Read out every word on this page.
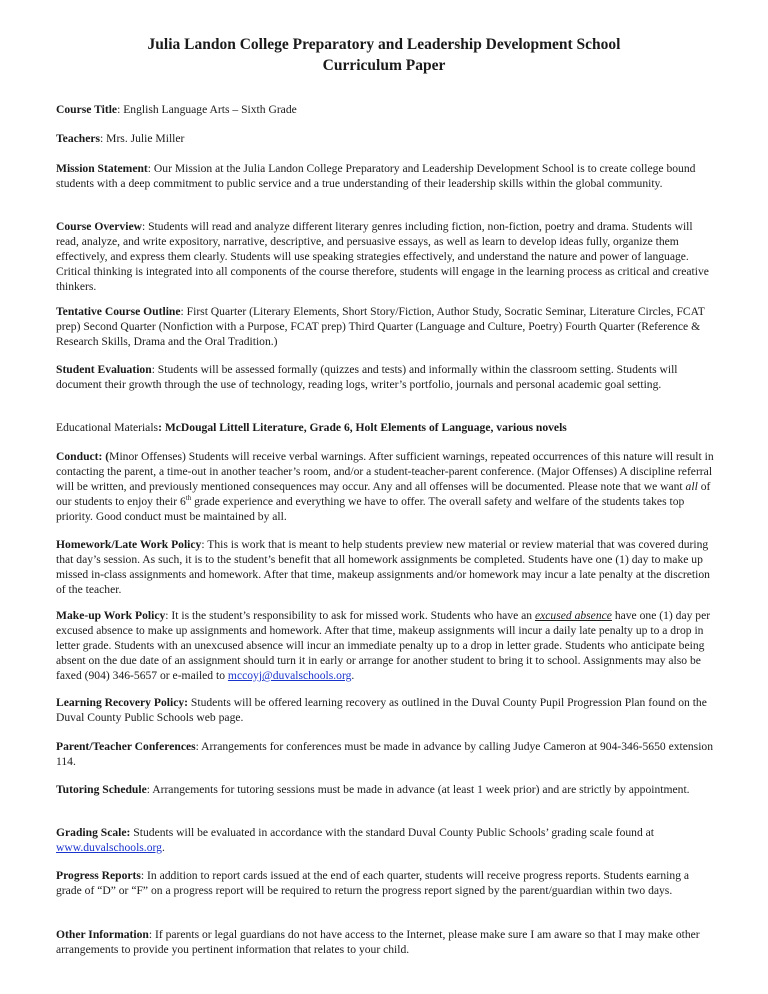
Julia Landon College Preparatory and Leadership Development School
Curriculum Paper
Course Title: English Language Arts – Sixth Grade
Teachers: Mrs. Julie Miller
Mission Statement: Our Mission at the Julia Landon College Preparatory and Leadership Development School is to create college bound students with a deep commitment to public service and a true understanding of their leadership skills within the global community.
Course Overview: Students will read and analyze different literary genres including fiction, non-fiction, poetry and drama. Students will read, analyze, and write expository, narrative, descriptive, and persuasive essays, as well as learn to develop ideas fully, organize them effectively, and express them clearly. Students will use speaking strategies effectively, and understand the nature and power of language. Critical thinking is integrated into all components of the course therefore, students will engage in the learning process as critical and creative thinkers.
Tentative Course Outline: First Quarter (Literary Elements, Short Story/Fiction, Author Study, Socratic Seminar, Literature Circles, FCAT prep) Second Quarter (Nonfiction with a Purpose, FCAT prep) Third Quarter (Language and Culture, Poetry) Fourth Quarter (Reference & Research Skills, Drama and the Oral Tradition.)
Student Evaluation: Students will be assessed formally (quizzes and tests) and informally within the classroom setting. Students will document their growth through the use of technology, reading logs, writer’s portfolio, journals and personal academic goal setting.
Educational Materials: McDougal Littell Literature, Grade 6, Holt Elements of Language, various novels
Conduct: (Minor Offenses) Students will receive verbal warnings. After sufficient warnings, repeated occurrences of this nature will result in contacting the parent, a time-out in another teacher’s room, and/or a student-teacher-parent conference. (Major Offenses) A discipline referral will be written, and previously mentioned consequences may occur. Any and all offenses will be documented. Please note that we want all of our students to enjoy their 6th grade experience and everything we have to offer. The overall safety and welfare of the students takes top priority. Good conduct must be maintained by all.
Homework/Late Work Policy: This is work that is meant to help students preview new material or review material that was covered during that day’s session. As such, it is to the student’s benefit that all homework assignments be completed. Students have one (1) day to make up missed in-class assignments and homework. After that time, makeup assignments and/or homework may incur a late penalty at the discretion of the teacher.
Make-up Work Policy: It is the student’s responsibility to ask for missed work. Students who have an excused absence have one (1) day per excused absence to make up assignments and homework. After that time, makeup assignments will incur a daily late penalty up to a drop in letter grade. Students with an unexcused absence will incur an immediate penalty up to a drop in letter grade. Students who anticipate being absent on the due date of an assignment should turn it in early or arrange for another student to bring it to school. Assignments may also be faxed (904) 346-5657 or e-mailed to mccoyj@duvalschools.org.
Learning Recovery Policy: Students will be offered learning recovery as outlined in the Duval County Pupil Progression Plan found on the Duval County Public Schools web page.
Parent/Teacher Conferences: Arrangements for conferences must be made in advance by calling Judye Cameron at 904-346-5650 extension 114.
Tutoring Schedule: Arrangements for tutoring sessions must be made in advance (at least 1 week prior) and are strictly by appointment.
Grading Scale: Students will be evaluated in accordance with the standard Duval County Public Schools’ grading scale found at www.duvalschools.org.
Progress Reports: In addition to report cards issued at the end of each quarter, students will receive progress reports. Students earning a grade of “D” or “F” on a progress report will be required to return the progress report signed by the parent/guardian within two days.
Other Information: If parents or legal guardians do not have access to the Internet, please make sure I am aware so that I may make other arrangements to provide you pertinent information that relates to your child.
